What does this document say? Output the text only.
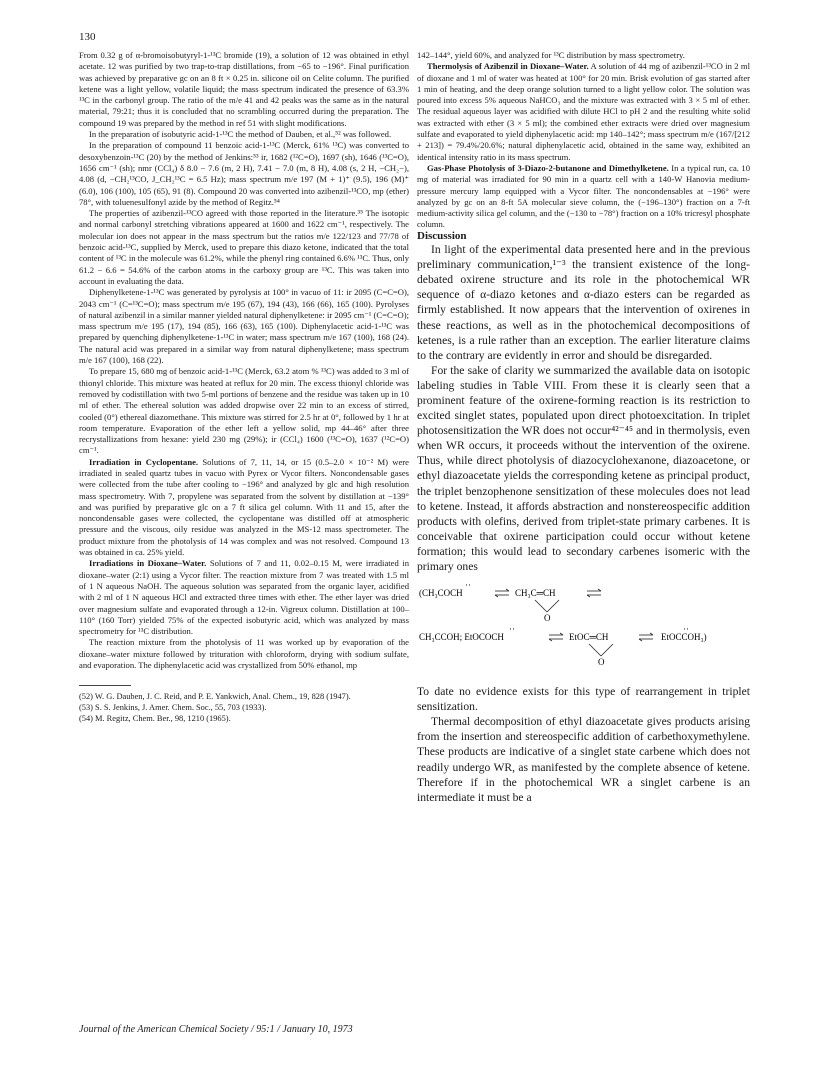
130

From 0.32 g of α-bromoisobutyryl-1-¹³C bromide (19), a solution of 12 was obtained in ethyl acetate. 12 was purified by two trap-to-trap distillations, from −65 to −196°. Final purification was achieved by preparative gc on an 8 ft × 0.25 in. silicone oil on Celite column. The purified ketene was a light yellow, volatile liquid; the mass spectrum indicated the presence of 63.3% ¹³C in the carbonyl group. The ratio of the m/e 41 and 42 peaks was the same as in the natural material, 79:21; thus it is concluded that no scrambling occurred during the preparation. The compound 19 was prepared by the method in ref 51 with slight modifications.

In the preparation of isobutyric acid-1-¹³C the method of Dauben, et al.,⁵² was followed.

In the preparation of compound 11 benzoic acid-1-¹³C (Merck, 61% ¹³C) was converted to desoxybenzoin-¹³C (20) by the method of Jenkins:⁵³ ir, 1682 (¹²C=O), 1697 (sh), 1646 (¹³C=O), 1656 cm⁻¹ (sh); nmr (CCl₄) δ 8.0 − 7.6 (m, 2 H), 7.41 − 7.0 (m, 8 H), 4.08 (s, 2 H, −CH₂−), 4.08 (d, −CH₂¹³CO, J_CH₂¹³C = 6.5 Hz); mass spectrum m/e 197 (M + 1)⁺ (9.5), 196 (M)⁺ (6.0), 106 (100), 105 (65), 91 (8). Compound 20 was converted into azibenzil-¹³CO, mp (ether) 78°, with toluenesulfonyl azide by the method of Regitz.⁵⁴

The properties of azibenzil-¹³CO agreed with those reported in the literature.³⁵ The isotopic and normal carbonyl stretching vibrations appeared at 1600 and 1622 cm⁻¹, respectively. The molecular ion does not appear in the mass spectrum but the ratios m/e 122/123 and 77/78 of benzoic acid-¹³C, supplied by Merck, used to prepare this diazo ketone, indicated that the total content of ¹³C in the molecule was 61.2%, while the phenyl ring contained 6.6% ¹³C. Thus, only 61.2 − 6.6 = 54.6% of the carbon atoms in the carboxy group are ¹³C. This was taken into account in evaluating the data.

Diphenylketene-1-¹³C was generated by pyrolysis at 100° in vacuo of 11: ir 2095 (C=C=O), 2043 cm⁻¹ (C=¹³C=O); mass spectrum m/e 195 (67), 194 (43), 166 (66), 165 (100). Pyrolyses of natural azibenzil in a similar manner yielded natural diphenylketene: ir 2095 cm⁻¹ (C=C=O); mass spectrum m/e 195 (17), 194 (85), 166 (63), 165 (100). Diphenylacetic acid-1-¹³C was prepared by quenching diphenylketene-1-¹³C in water; mass spectrum m/e 167 (100), 168 (24). The natural acid was prepared in a similar way from natural diphenylketene; mass spectrum m/e 167 (100), 168 (22).

To prepare 15, 680 mg of benzoic acid-1-¹³C (Merck, 63.2 atom % ¹³C) was added to 3 ml of thionyl chloride. This mixture was heated at reflux for 20 min. The excess thionyl chloride was removed by codistillation with two 5-ml portions of benzene and the residue was taken up in 10 ml of ether. The ethereal solution was added dropwise over 22 min to an excess of stirred, cooled (0°) ethereal diazomethane. This mixture was stirred for 2.5 hr at 0°, followed by 1 hr at room temperature. Evaporation of the ether left a yellow solid, mp 44–46° after three recrystallizations from hexane: yield 230 mg (29%); ir (CCl₄) 1600 (¹³C=O), 1637 (¹²C=O) cm⁻¹.

Irradiation in Cyclopentane. Solutions of 7, 11, 14, or 15 (0.5–2.0 × 10⁻² M) were irradiated in sealed quartz tubes in vacuo with Pyrex or Vycor filters. Noncondensable gases were collected from the tube after cooling to −196° and analyzed by glc and high resolution mass spectrometry. With 7, propylene was separated from the solvent by distillation at −139° and was purified by preparative glc on a 7 ft silica gel column. With 11 and 15, after the noncondensable gases were collected, the cyclopentane was distilled off at atmospheric pressure and the viscous, oily residue was analyzed in the MS-12 mass spectrometer. The product mixture from the photolysis of 14 was complex and was not resolved. Compound 13 was obtained in ca. 25% yield.

Irradiations in Dioxane–Water. Solutions of 7 and 11, 0.02–0.15 M, were irradiated in dioxane–water (2:1) using a Vycor filter. The reaction mixture from 7 was treated with 1.5 ml of 1 N aqueous NaOH. The aqueous solution was separated from the organic layer, acidified with 2 ml of 1 N aqueous HCl and extracted three times with ether. The ether layer was dried over magnesium sulfate and evaporated through a 12-in. Vigreux column. Distillation at 100–110° (160 Torr) yielded 75% of the expected isobutyric acid, which was analyzed by mass spectrometry for ¹³C distribution.

The reaction mixture from the photolysis of 11 was worked up by evaporation of the dioxane–water mixture followed by trituration with chloroform, drying with sodium sulfate, and evaporation. The diphenylacetic acid was crystallized from 50% ethanol, mp

(52) W. G. Dauben, J. C. Reid, and P. E. Yankwich, Anal. Chem., 19, 828 (1947).
(53) S. S. Jenkins, J. Amer. Chem. Soc., 55, 703 (1933).
(54) M. Regitz, Chem. Ber., 98, 1210 (1965).

142–144°, yield 60%, and analyzed for ¹³C distribution by mass spectrometry.

Thermolysis of Azibenzil in Dioxane–Water. A solution of 44 mg of azibenzil-¹³CO in 2 ml of dioxane and 1 ml of water was heated at 100° for 20 min. Brisk evolution of gas started after 1 min of heating, and the deep orange solution turned to a light yellow color. The solution was poured into excess 5% aqueous NaHCO₃ and the mixture was extracted with 3 × 5 ml of ether. The residual aqueous layer was acidified with dilute HCl to pH 2 and the resulting white solid was extracted with ether (3 × 5 ml); the combined ether extracts were dried over magnesium sulfate and evaporated to yield diphenylacetic acid: mp 140–142°; mass spectrum m/e (167/[212 + 213]) = 79.4%/20.6%; natural diphenylacetic acid, obtained in the same way, exhibited an identical intensity ratio in its mass spectrum.

Gas-Phase Photolysis of 3-Diazo-2-butanone and Dimethylketene. In a typical run, ca. 10 mg of material was irradiated for 90 min in a quartz cell with a 140-W Hanovia medium-pressure mercury lamp equipped with a Vycor filter. The noncondensables at −196° were analyzed by gc on an 8-ft 5A molecular sieve column, the (−196–130°) fraction on a 7-ft medium-activity silica gel column, and the (−130 to −78°) fraction on a 10% tricresyl phosphate column.

Discussion

In light of the experimental data presented here and in the previous preliminary communication,¹⁻³ the transient existence of the long-debated oxirene structure and its role in the photochemical WR sequence of α-diazo ketones and α-diazo esters can be regarded as firmly established. It now appears that the intervention of oxirenes in these reactions, as well as in the photochemical decompositions of ketenes, is a rule rather than an exception. The earlier literature claims to the contrary are evidently in error and should be disregarded.

For the sake of clarity we summarized the available data on isotopic labeling studies in Table VIII. From these it is clearly seen that a prominent feature of the oxirene-forming reaction is its restriction to excited singlet states, populated upon direct photoexcitation. In triplet photosensitization the WR does not occur⁴²⁻⁴⁵ and in thermolysis, even when WR occurs, it proceeds without the intervention of the oxirene. Thus, while direct photolysis of diazocyclohexanone, diazoacetone, or ethyl diazoacetate yields the corresponding ketene as principal product, the triplet benzophenone sensitization of these molecules does not lead to ketene. Instead, it affords abstraction and nonstereospecific addition products with olefins, derived from triplet-state primary carbenes. It is conceivable that oxirene participation could occur without ketene formation; this would lead to secondary carbenes isomeric with the primary ones

(CH₃COCH
··
CH₃C═CH
O
CH₃CCOH; EtOCOCH
··
EtOC═CH
O
EtOCCOH₃)
··

To date no evidence exists for this type of rearrangement in triplet sensitization.

Thermal decomposition of ethyl diazoacetate gives products arising from the insertion and stereospecific addition of carbethoxymethylene. These products are indicative of a singlet state carbene which does not readily undergo WR, as manifested by the complete absence of ketene. Therefore if in the photochemical WR a singlet carbene is an intermediate it must be a

Journal of the American Chemical Society / 95:1 / January 10, 1973
